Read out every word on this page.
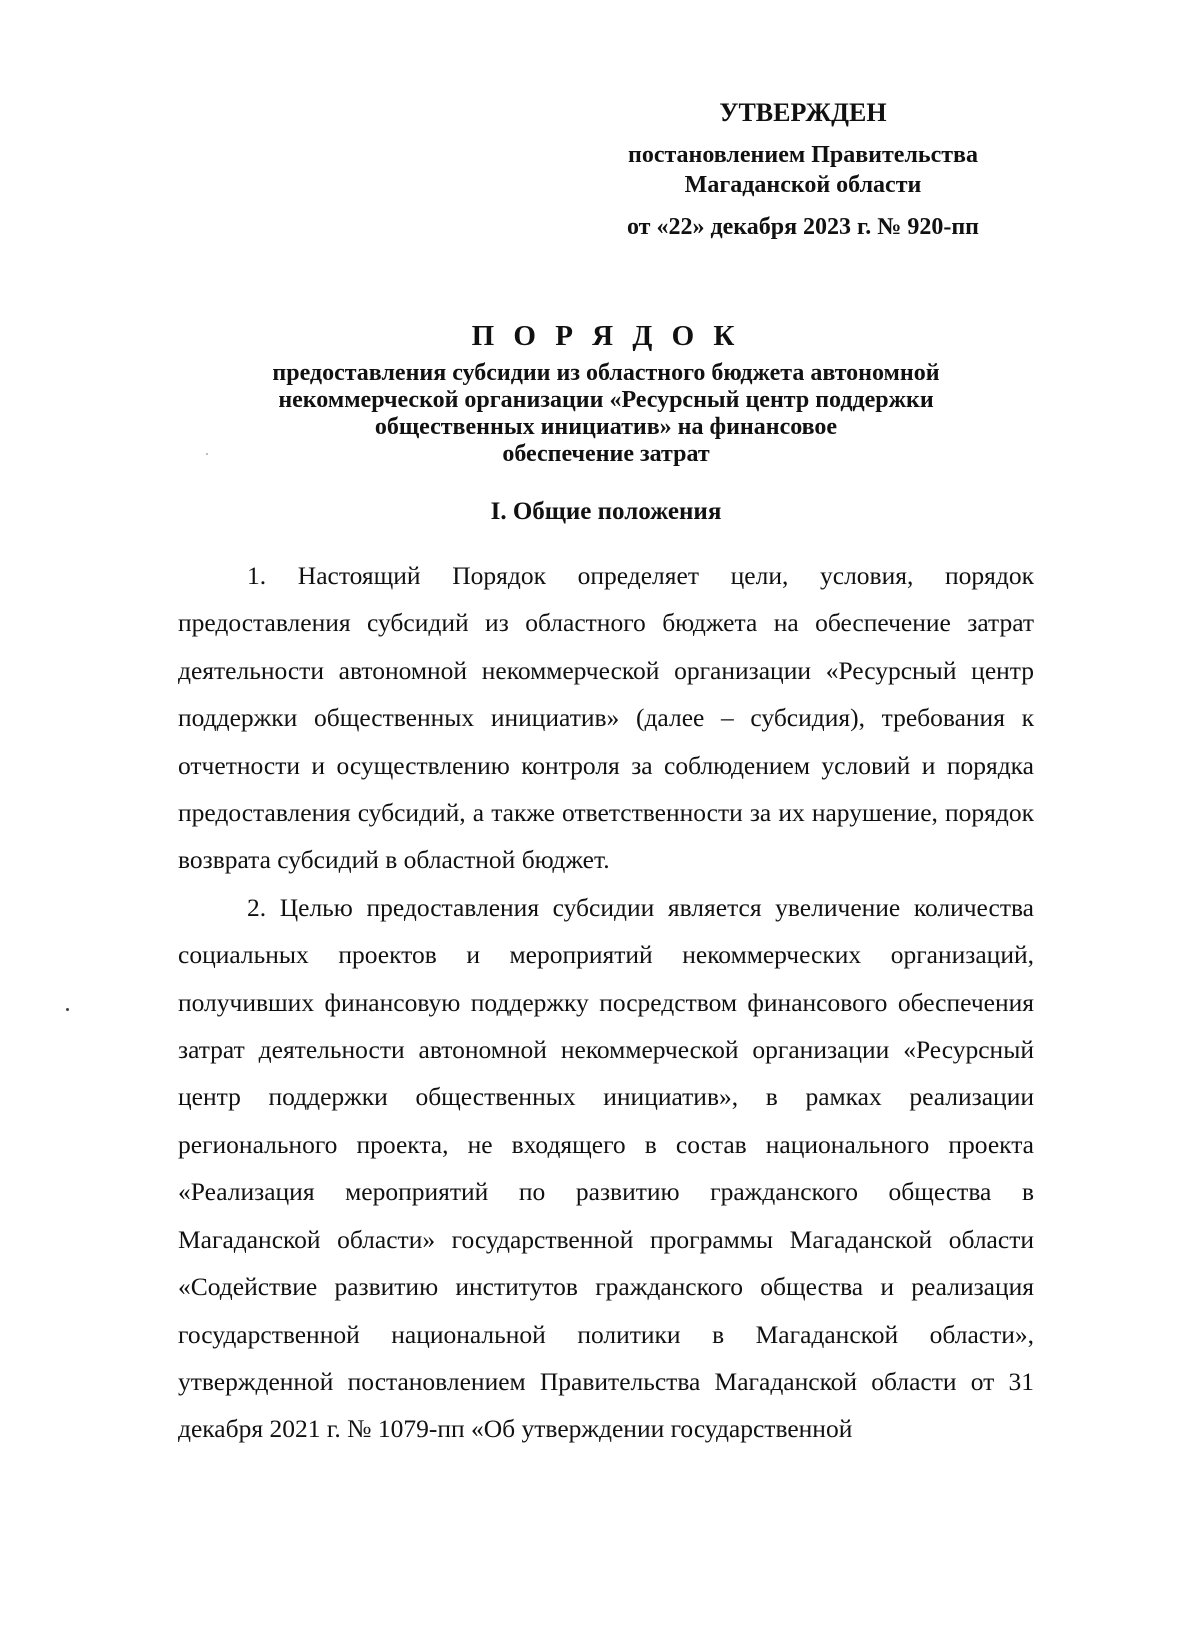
УТВЕРЖДЕН
постановлением Правительства
Магаданской области
от «22» декабря 2023 г. № 920-пп
П О Р Я Д О К
предоставления субсидии из областного бюджета автономной
некоммерческой организации «Ресурсный центр поддержки
общественных инициатив» на финансовое
обеспечение затрат
I. Общие положения

1. Настоящий Порядок определяет цели, условия, порядок предоставления субсидий из областного бюджета на обеспечение затрат деятельности автономной некоммерческой организации «Ресурсный центр поддержки общественных инициатив» (далее – субсидия), требования к отчетности и осуществлению контроля за соблюдением условий и порядка предоставления субсидий, а также ответственности за их нарушение, порядок возврата субсидий в областной бюджет.

2. Целью предоставления субсидии является увеличение количества социальных проектов и мероприятий некоммерческих организаций, получивших финансовую поддержку посредством финансового обеспечения затрат деятельности автономной некоммерческой организации «Ресурсный центр поддержки общественных инициатив», в рамках реализации регионального проекта, не входящего в состав национального проекта «Реализация мероприятий по развитию гражданского общества в Магаданской области» государственной программы Магаданской области «Содействие развитию институтов гражданского общества и реализация государственной национальной политики в Магаданской области», утвержденной постановлением Правительства Магаданской области от 31 декабря 2021 г. № 1079-пп «Об утверждении государственной
